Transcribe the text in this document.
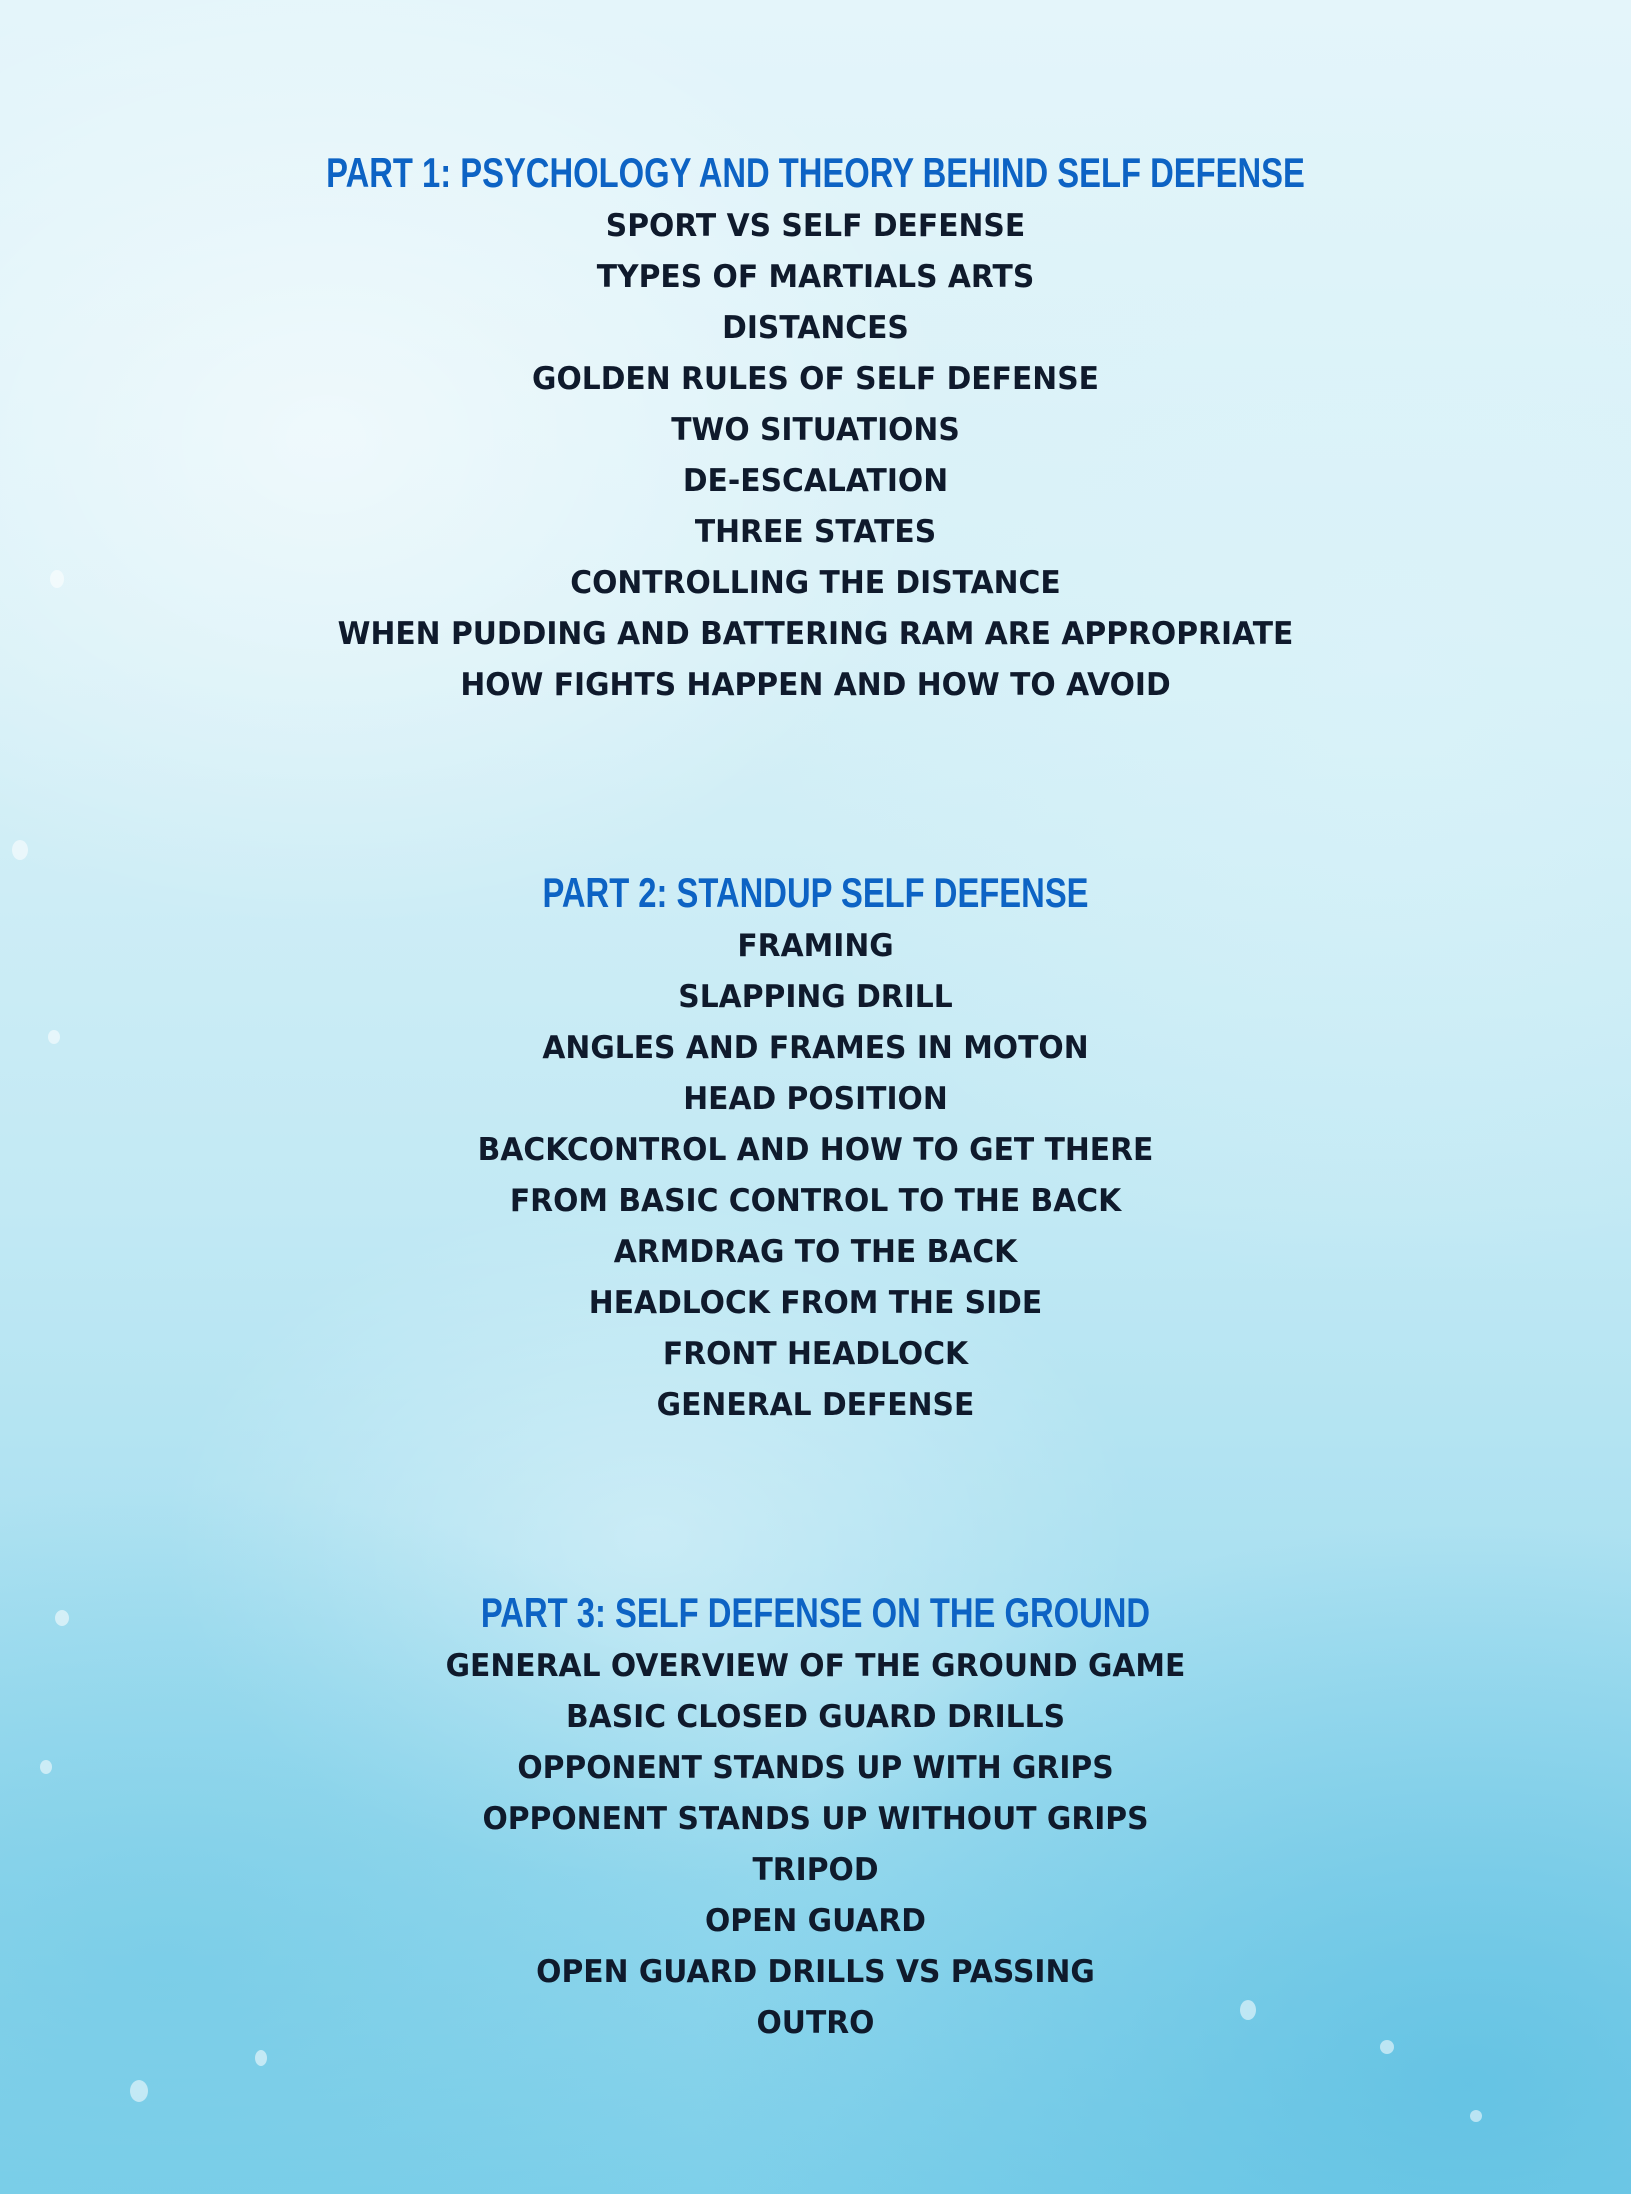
PART 1: PSYCHOLOGY AND THEORY BEHIND SELF DEFENSE
SPORT VS SELF DEFENSE
TYPES OF MARTIALS ARTS
DISTANCES
GOLDEN RULES OF SELF DEFENSE
TWO SITUATIONS
DE-ESCALATION
THREE STATES
CONTROLLING THE DISTANCE
WHEN PUDDING AND BATTERING RAM ARE APPROPRIATE
HOW FIGHTS HAPPEN AND HOW TO AVOID
PART 2: STANDUP SELF DEFENSE
FRAMING
SLAPPING DRILL
ANGLES AND FRAMES IN MOTON
HEAD POSITION
BACKCONTROL AND HOW TO GET THERE
FROM BASIC CONTROL TO THE BACK
ARMDRAG TO THE BACK
HEADLOCK FROM THE SIDE
FRONT HEADLOCK
GENERAL DEFENSE
PART 3: SELF DEFENSE ON THE GROUND
GENERAL OVERVIEW OF THE GROUND GAME
BASIC CLOSED GUARD DRILLS
OPPONENT STANDS UP WITH GRIPS
OPPONENT STANDS UP WITHOUT GRIPS
TRIPOD
OPEN GUARD
OPEN GUARD DRILLS VS PASSING
OUTRO
